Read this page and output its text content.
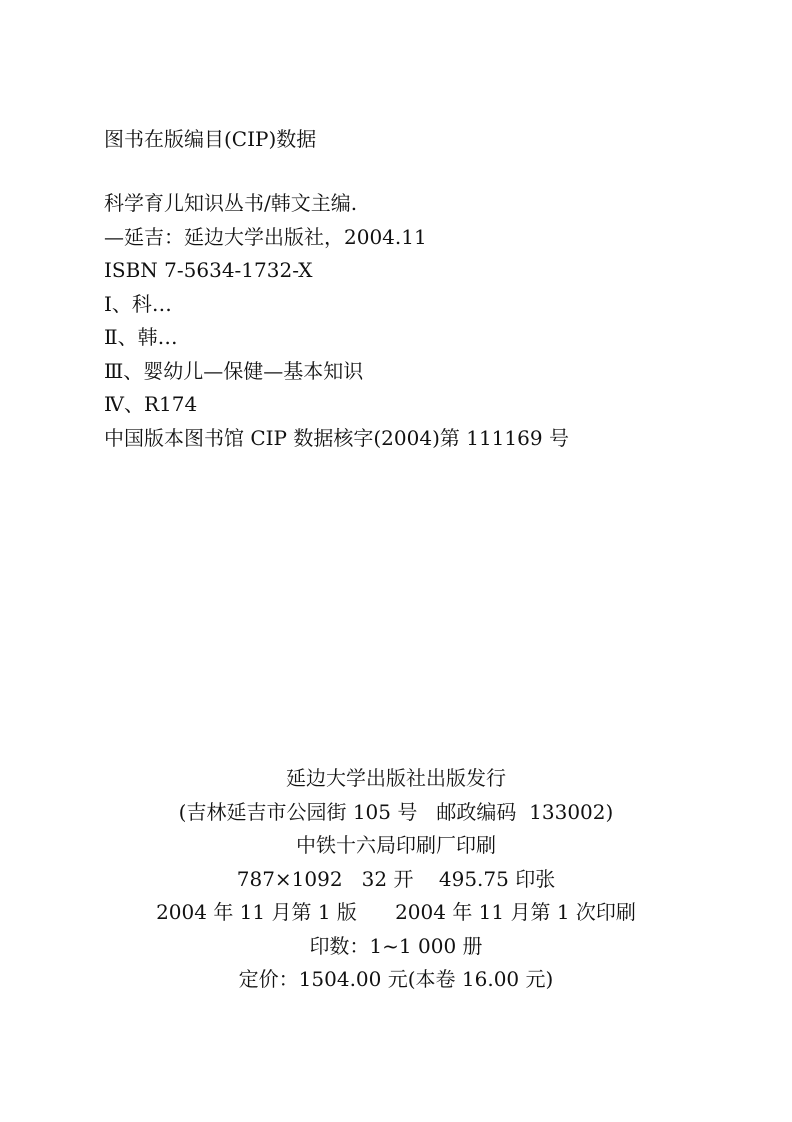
图书在版编目(CIP)数据
科学育儿知识丛书/韩文主编.
—延吉：延边大学出版社，2004.11
ISBN 7-5634-1732-X
Ⅰ、科…
Ⅱ、韩…
Ⅲ、婴幼儿—保健—基本知识
Ⅳ、R174
中国版本图书馆 CIP 数据核字(2004)第 111169 号
延边大学出版社出版发行
(吉林延吉市公园街 105 号   邮政编码  133002)
中铁十六局印刷厂印刷
787×1092   32 开    495.75 印张
2004 年 11 月第 1 版      2004 年 11 月第 1 次印刷
印数：1~1 000 册
定价：1504.00 元(本卷 16.00 元)
